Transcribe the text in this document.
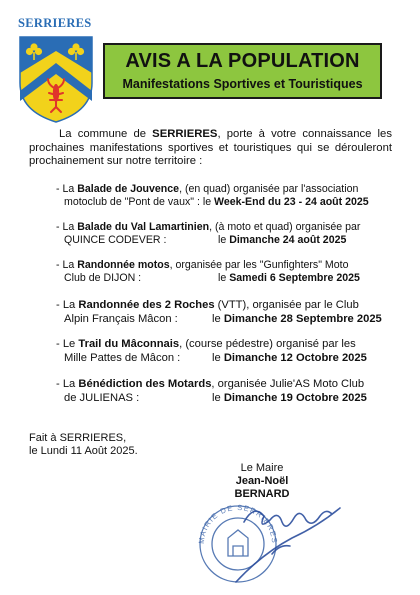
SERRIERES
AVIS A LA POPULATION
Manifestations Sportives et Touristiques
La commune de SERRIERES, porte à votre connaissance les prochaines manifestations sportives et touristiques qui se dérouleront prochainement sur notre territoire :
- La Balade de Jouvence, (en quad) organisée par l'association
motoclub de "Pont de vaux" : le Week-End du 23 - 24 août 2025
- La Balade du Val Lamartinien, (à moto et quad) organisée par
QUINCE CODEVER :	le Dimanche 24 août 2025
- La Randonnée motos, organisée par les "Gunfighters" Moto
Club de DIJON :	le Samedi 6 Septembre 2025
- La Randonnée des 2 Roches (VTT), organisée par le Club
Alpin Français Mâcon :	le Dimanche 28 Septembre 2025
- Le Trail du Mâconnais, (course pédestre) organisé par les
Mille Pattes de Mâcon :	le Dimanche 12 Octobre 2025
- La Bénédiction des Motards, organisée Julie'AS Moto Club
de JULIENAS :	le Dimanche 19 Octobre 2025
Fait à SERRIERES,
le Lundi 11 Août 2025.
Le Maire
Jean-Noël BERNARD
MAIRIE DE SERRIERES
